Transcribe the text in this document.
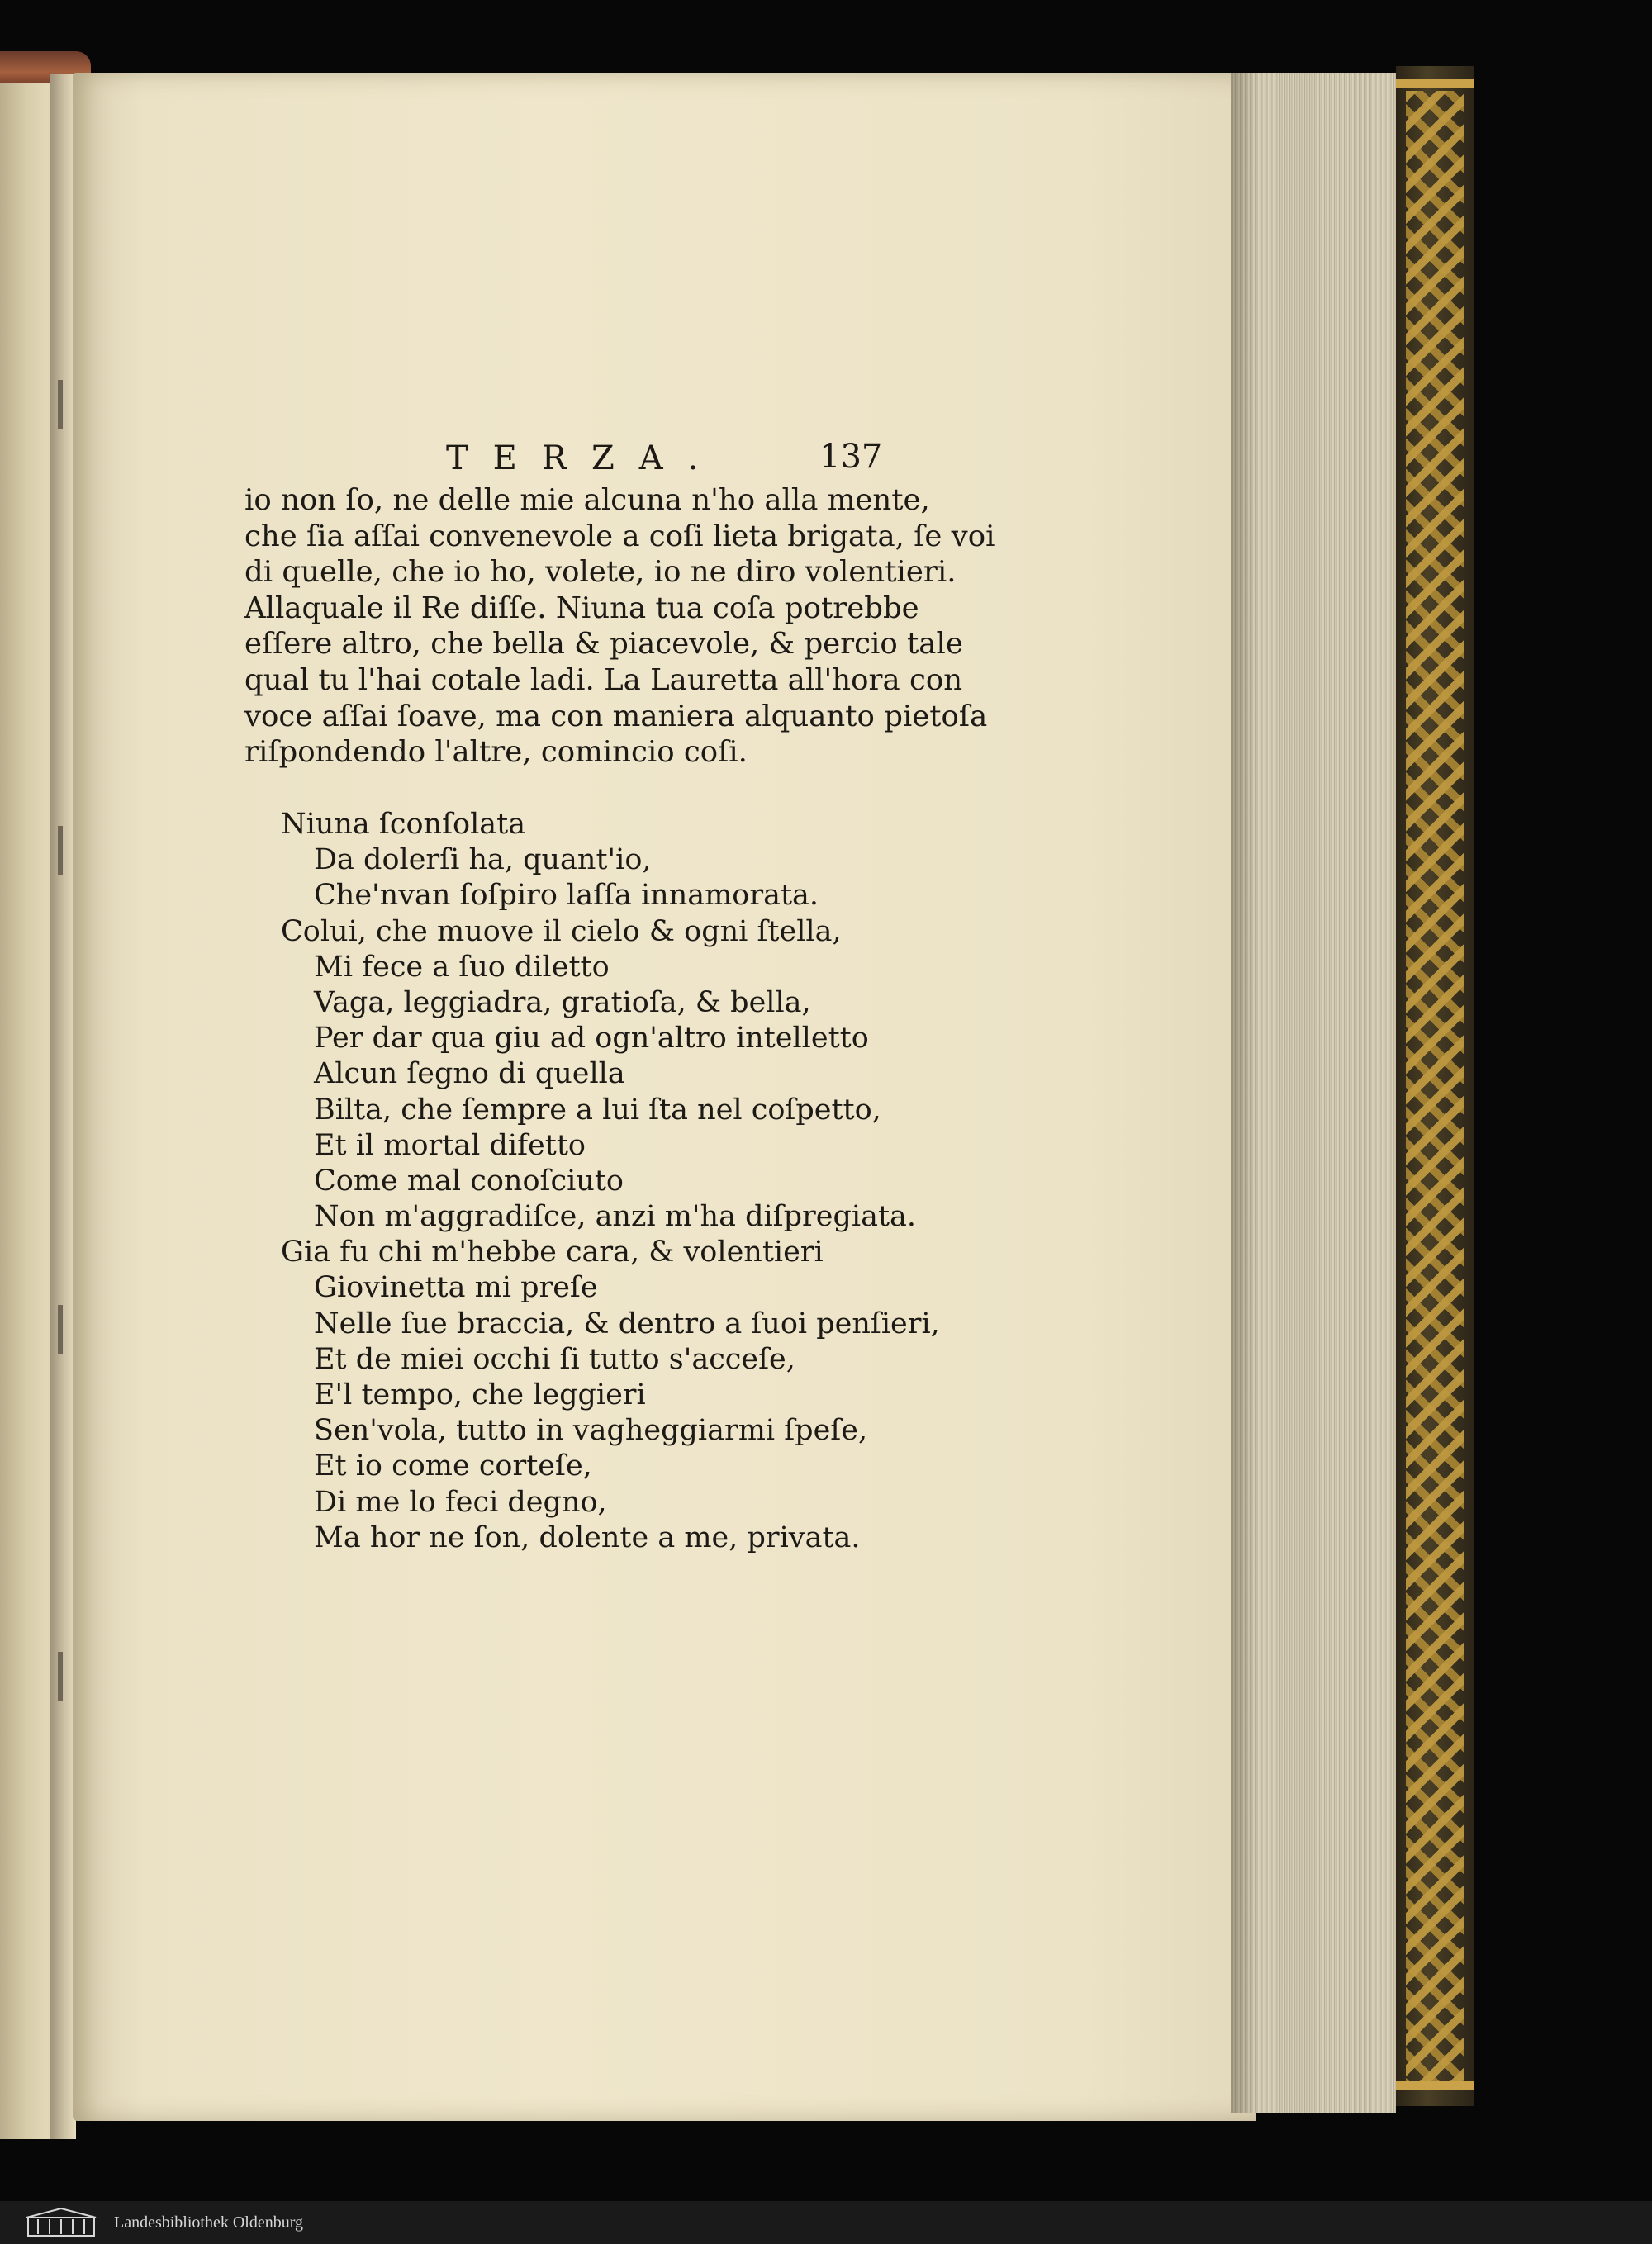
TERZA.	137

io non ſo, ne delle mie alcuna n'ho alla mente,
che ſia aſſai convenevole a coſi lieta brigata, ſe voi
di quelle, che io ho, volete, io ne diro volentieri.
Allaquale il Re diſſe. Niuna tua coſa potrebbe
eſſere altro, che bella & piacevole, & percio tale
qual tu l'hai cotale ladi. La Lauretta all'hora con
voce aſſai ſoave, ma con maniera alquanto pietoſa
riſpondendo l'altre, comincio coſi.

Niuna ſconſolata
Da dolerſi ha, quant'io,
Che'nvan ſoſpiro laſſa innamorata.
Colui, che muove il cielo & ogni ſtella,
Mi fece a ſuo diletto
Vaga, leggiadra, gratioſa, & bella,
Per dar qua giu ad ogn'altro intelletto
Alcun ſegno di quella
Bilta, che ſempre a lui ſta nel coſpetto,
Et il mortal difetto
Come mal conoſciuto
Non m'aggradiſce, anzi m'ha diſpregiata.
Gia fu chi m'hebbe cara, & volentieri
Giovinetta mi preſe
Nelle ſue braccia, & dentro a ſuoi penſieri,
Et de miei occhi ſi tutto s'acceſe,
E'l tempo, che leggieri
Sen'vola, tutto in vagheggiarmi ſpeſe,
Et io come corteſe,
Di me lo feci degno,
Ma hor ne ſon, dolente a me, privata.
Landesbibliothek Oldenburg
